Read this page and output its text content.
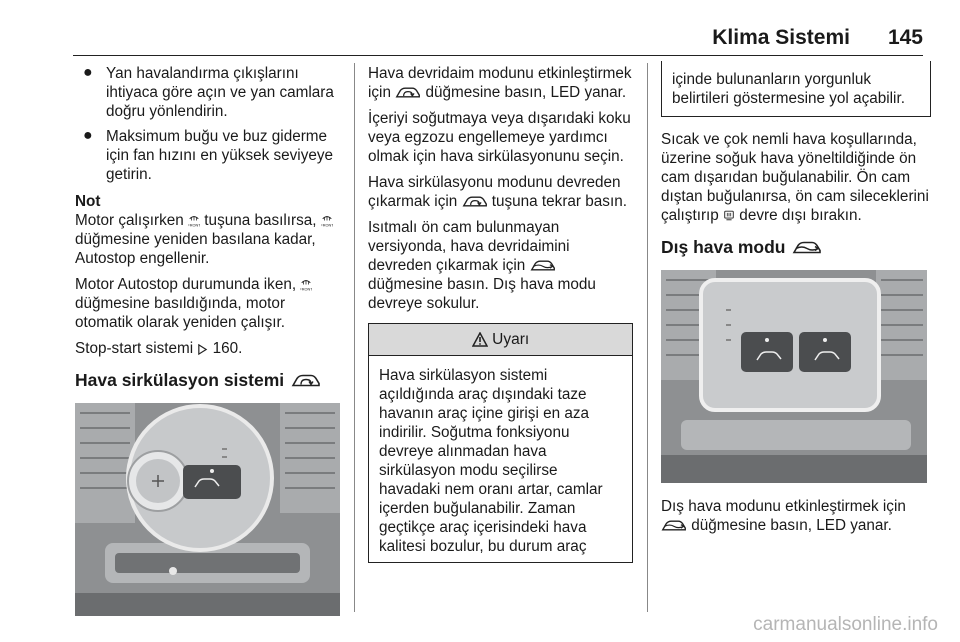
Klima Sistemi 145
● Yan havalandırma çıkışlarını ihtiyaca göre açın ve yan camlara doğru yönlendirin.
● Maksimum buğu ve buz giderme için fan hızını en yüksek seviyeye getirin.

Not

Motor çalışırken  tuşuna basılırsa,  düğmesine yeniden basılana kadar, Autostop engellenir.

Motor Autostop durumunda iken,  düğmesine basıldığında, motor otomatik olarak yeniden çalışır.

Stop-start sistemi  160.

Hava sirkülasyon sistemi

Hava devridaim modunu etkinleştirmek için  düğmesine basın, LED yanar.

İçeriyi soğutmaya veya dışarıdaki koku veya egzozu engellemeye yardımcı olmak için hava sirkülasyonunu seçin.

Hava sirkülasyonu modunu devreden çıkarmak için  tuşuna tekrar basın.

Isıtmalı ön cam bulunmayan versiyonda, hava devridaimini devreden çıkarmak için  düğmesine basın. Dış hava modu devreye sokulur.

Uyarı
Hava sirkülasyon sistemi açıldığında araç dışındaki taze havanın araç içine girişi en aza indirilir. Soğutma fonksiyonu devreye alınmadan hava sirkülasyon modu seçilirse havadaki nem oranı artar, camlar içerden buğulanabilir. Zaman geçtikçe araç içerisindeki hava kalitesi bozulur, bu durum araç
içinde bulunanların yorgunluk belirtileri göstermesine yol açabilir.

Sıcak ve çok nemli hava koşullarında, üzerine soğuk hava yöneltildiğinde ön cam dışarıdan buğulanabilir. Ön cam dıştan buğulanırsa, ön cam sileceklerini çalıştırıp  devre dışı bırakın.

Dış hava modu

Dış hava modunu etkinleştirmek için  düğmesine basın, LED yanar.

carmanualsonline.info
